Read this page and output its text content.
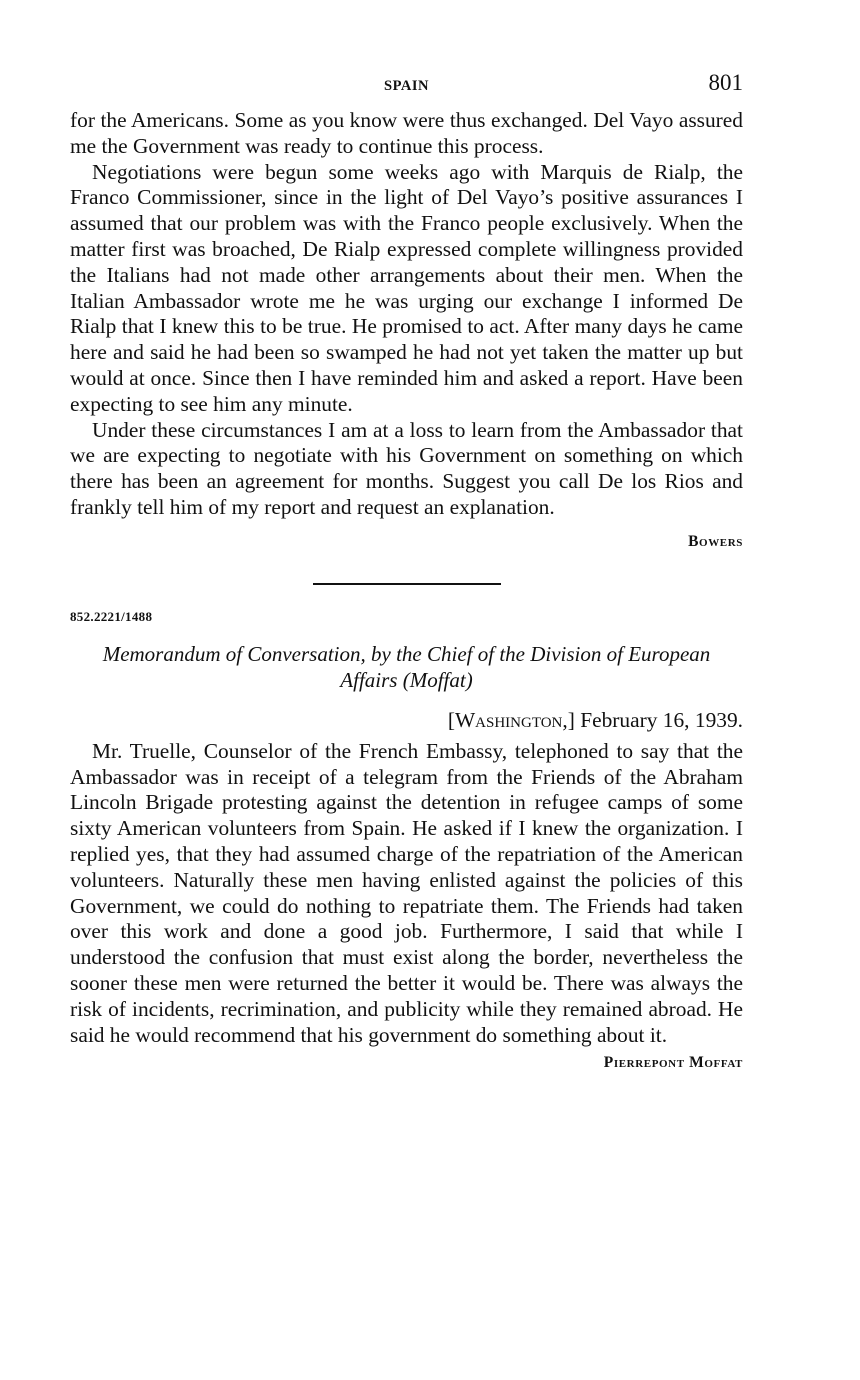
SPAIN	801

for the Americans. Some as you know were thus exchanged. Del Vayo assured me the Government was ready to continue this process.

Negotiations were begun some weeks ago with Marquis de Rialp, the Franco Commissioner, since in the light of Del Vayo’s positive assurances I assumed that our problem was with the Franco people exclusively. When the matter first was broached, De Rialp expressed complete willingness provided the Italians had not made other arrangements about their men. When the Italian Ambassador wrote me he was urging our exchange I informed De Rialp that I knew this to be true. He promised to act. After many days he came here and said he had been so swamped he had not yet taken the matter up but would at once. Since then I have reminded him and asked a report. Have been expecting to see him any minute.

Under these circumstances I am at a loss to learn from the Ambassador that we are expecting to negotiate with his Government on something on which there has been an agreement for months. Suggest you call De los Rios and frankly tell him of my report and request an explanation.

Bowers
852.2221/1488
Memorandum of Conversation, by the Chief of the Division of European Affairs (Moffat)
[Washington,] February 16, 1939.

Mr. Truelle, Counselor of the French Embassy, telephoned to say that the Ambassador was in receipt of a telegram from the Friends of the Abraham Lincoln Brigade protesting against the detention in refugee camps of some sixty American volunteers from Spain. He asked if I knew the organization. I replied yes, that they had assumed charge of the repatriation of the American volunteers. Naturally these men having enlisted against the policies of this Government, we could do nothing to repatriate them. The Friends had taken over this work and done a good job. Furthermore, I said that while I understood the confusion that must exist along the border, nevertheless the sooner these men were returned the better it would be. There was always the risk of incidents, recrimination, and publicity while they remained abroad. He said he would recommend that his government do something about it.

Pierrepont Moffat
